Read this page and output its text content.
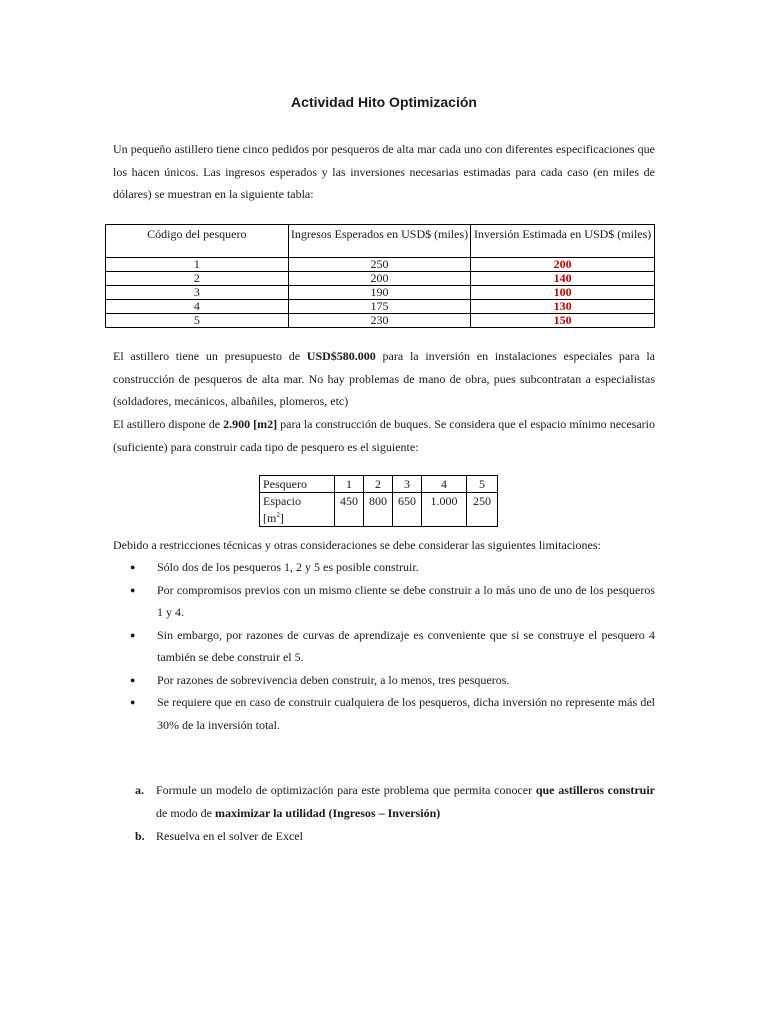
Actividad Hito Optimización
Un pequeño astillero tiene cinco pedidos por pesqueros de alta mar cada uno con diferentes especificaciones que los hacen únicos. Las ingresos esperados y las inversiones necesarias estimadas para cada caso (en miles de dólares) se muestran en la siguiente tabla:
Código del pesquero	Ingresos Esperados en USD$ (miles)	Inversión Estimada en USD$ (miles)
1	250	200
2	200	140
3	190	100
4	175	130
5	230	150
El astillero tiene un presupuesto de USD$580.000 para la inversión en instalaciones especiales para la construcción de pesqueros de alta mar. No hay problemas de mano de obra, pues subcontratan a especialistas (soldadores, mecánicos, albañiles, plomeros, etc)
El astillero dispone de 2.900 [m2] para la construcción de buques. Se considera que el espacio mínimo necesario (suficiente) para construir cada tipo de pesquero es el siguiente:
Pesquero	1	2	3	4	5
Espacio
$[m^2]$	450	800	650	1.000	250
Debido a restricciones técnicas y otras consideraciones se debe considerar las siguientes limitaciones:
● Sólo dos de los pesqueros 1, 2 y 5 es posible construir.
● Por compromisos previos con un mismo cliente se debe construir a lo más uno de uno de los pesqueros 1 y 4.
● Sin embargo, por razones de curvas de aprendizaje es conveniente que si se construye el pesquero 4 también se debe construir el 5.
● Por razones de sobrevivencia deben construir, a lo menos, tres pesqueros.
● Se requiere que en caso de construir cualquiera de los pesqueros, dicha inversión no represente más del 30% de la inversión total.
a.	Formule un modelo de optimización para este problema que permita conocer que astilleros construir de modo de maximizar la utilidad (Ingresos – Inversión)
b. Resuelva en el solver de Excel
